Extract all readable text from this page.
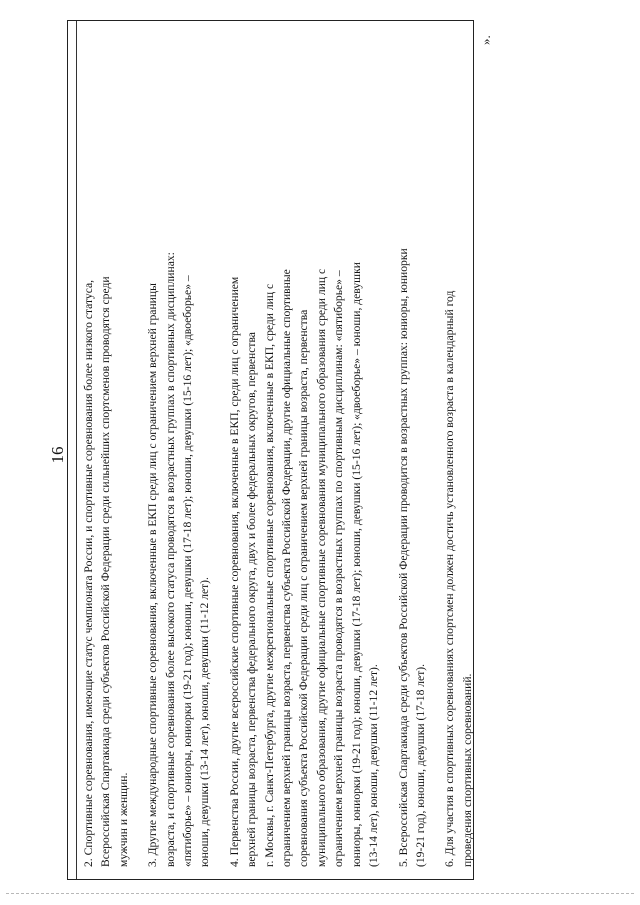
16

2. Спортивные соревнования, имеющие статус чемпионата России, и спортивные соревнования более низкого статуса,
Всероссийская Спартакиада среди субъектов Российской Федерации среди сильнейших спортсменов проводятся среди
мужчин и женщин.

3. Другие международные спортивные соревнования, включенные в ЕКП среди лиц с ограничением верхней границы
возраста, и спортивные соревнования более высокого статуса проводятся в возрастных группах в спортивных дисциплинах:
«пятиборье» – юниоры, юниорки (19-21 год); юноши, девушки (17-18 лет); юноши, девушки (15-16 лет); «двоеборье» –
юноши, девушки (13-14 лет), юноши, девушки (11-12 лет).

4. Первенства России, другие всероссийские спортивные соревнования, включенные в ЕКП, среди лиц с ограничением
верхней границы возраста, первенства федерального округа, двух и более федеральных округов, первенства
г. Москвы, г. Санкт-Петербурга, другие межрегиональные спортивные соревнования, включенные в ЕКП, среди лиц с
ограничением верхней границы возраста, первенства субъекта Российской Федерации, другие официальные спортивные
соревнования субъекта Российской Федерации среди лиц с ограничением верхней границы возраста, первенства
муниципального образования, другие официальные спортивные соревнования муниципального образования среди лиц с
ограничением верхней границы возраста проводятся в возрастных группах по спортивным дисциплинам: «пятиборье» –
юниоры, юниорки (19-21 год); юноши, девушки (17-18 лет); юноши, девушки (15-16 лет); «двоеборье» – юноши, девушки
(13-14 лет), юноши, девушки (11-12 лет).

5. Всероссийская Спартакиада среди субъектов Российской Федерации проводится в возрастных группах: юниоры, юниорки
(19-21 год), юноши, девушки (17-18 лет).

6. Для участия в спортивных соревнованиях спортсмен должен достичь установленного возраста в календарный год
проведения спортивных соревнований.

».
